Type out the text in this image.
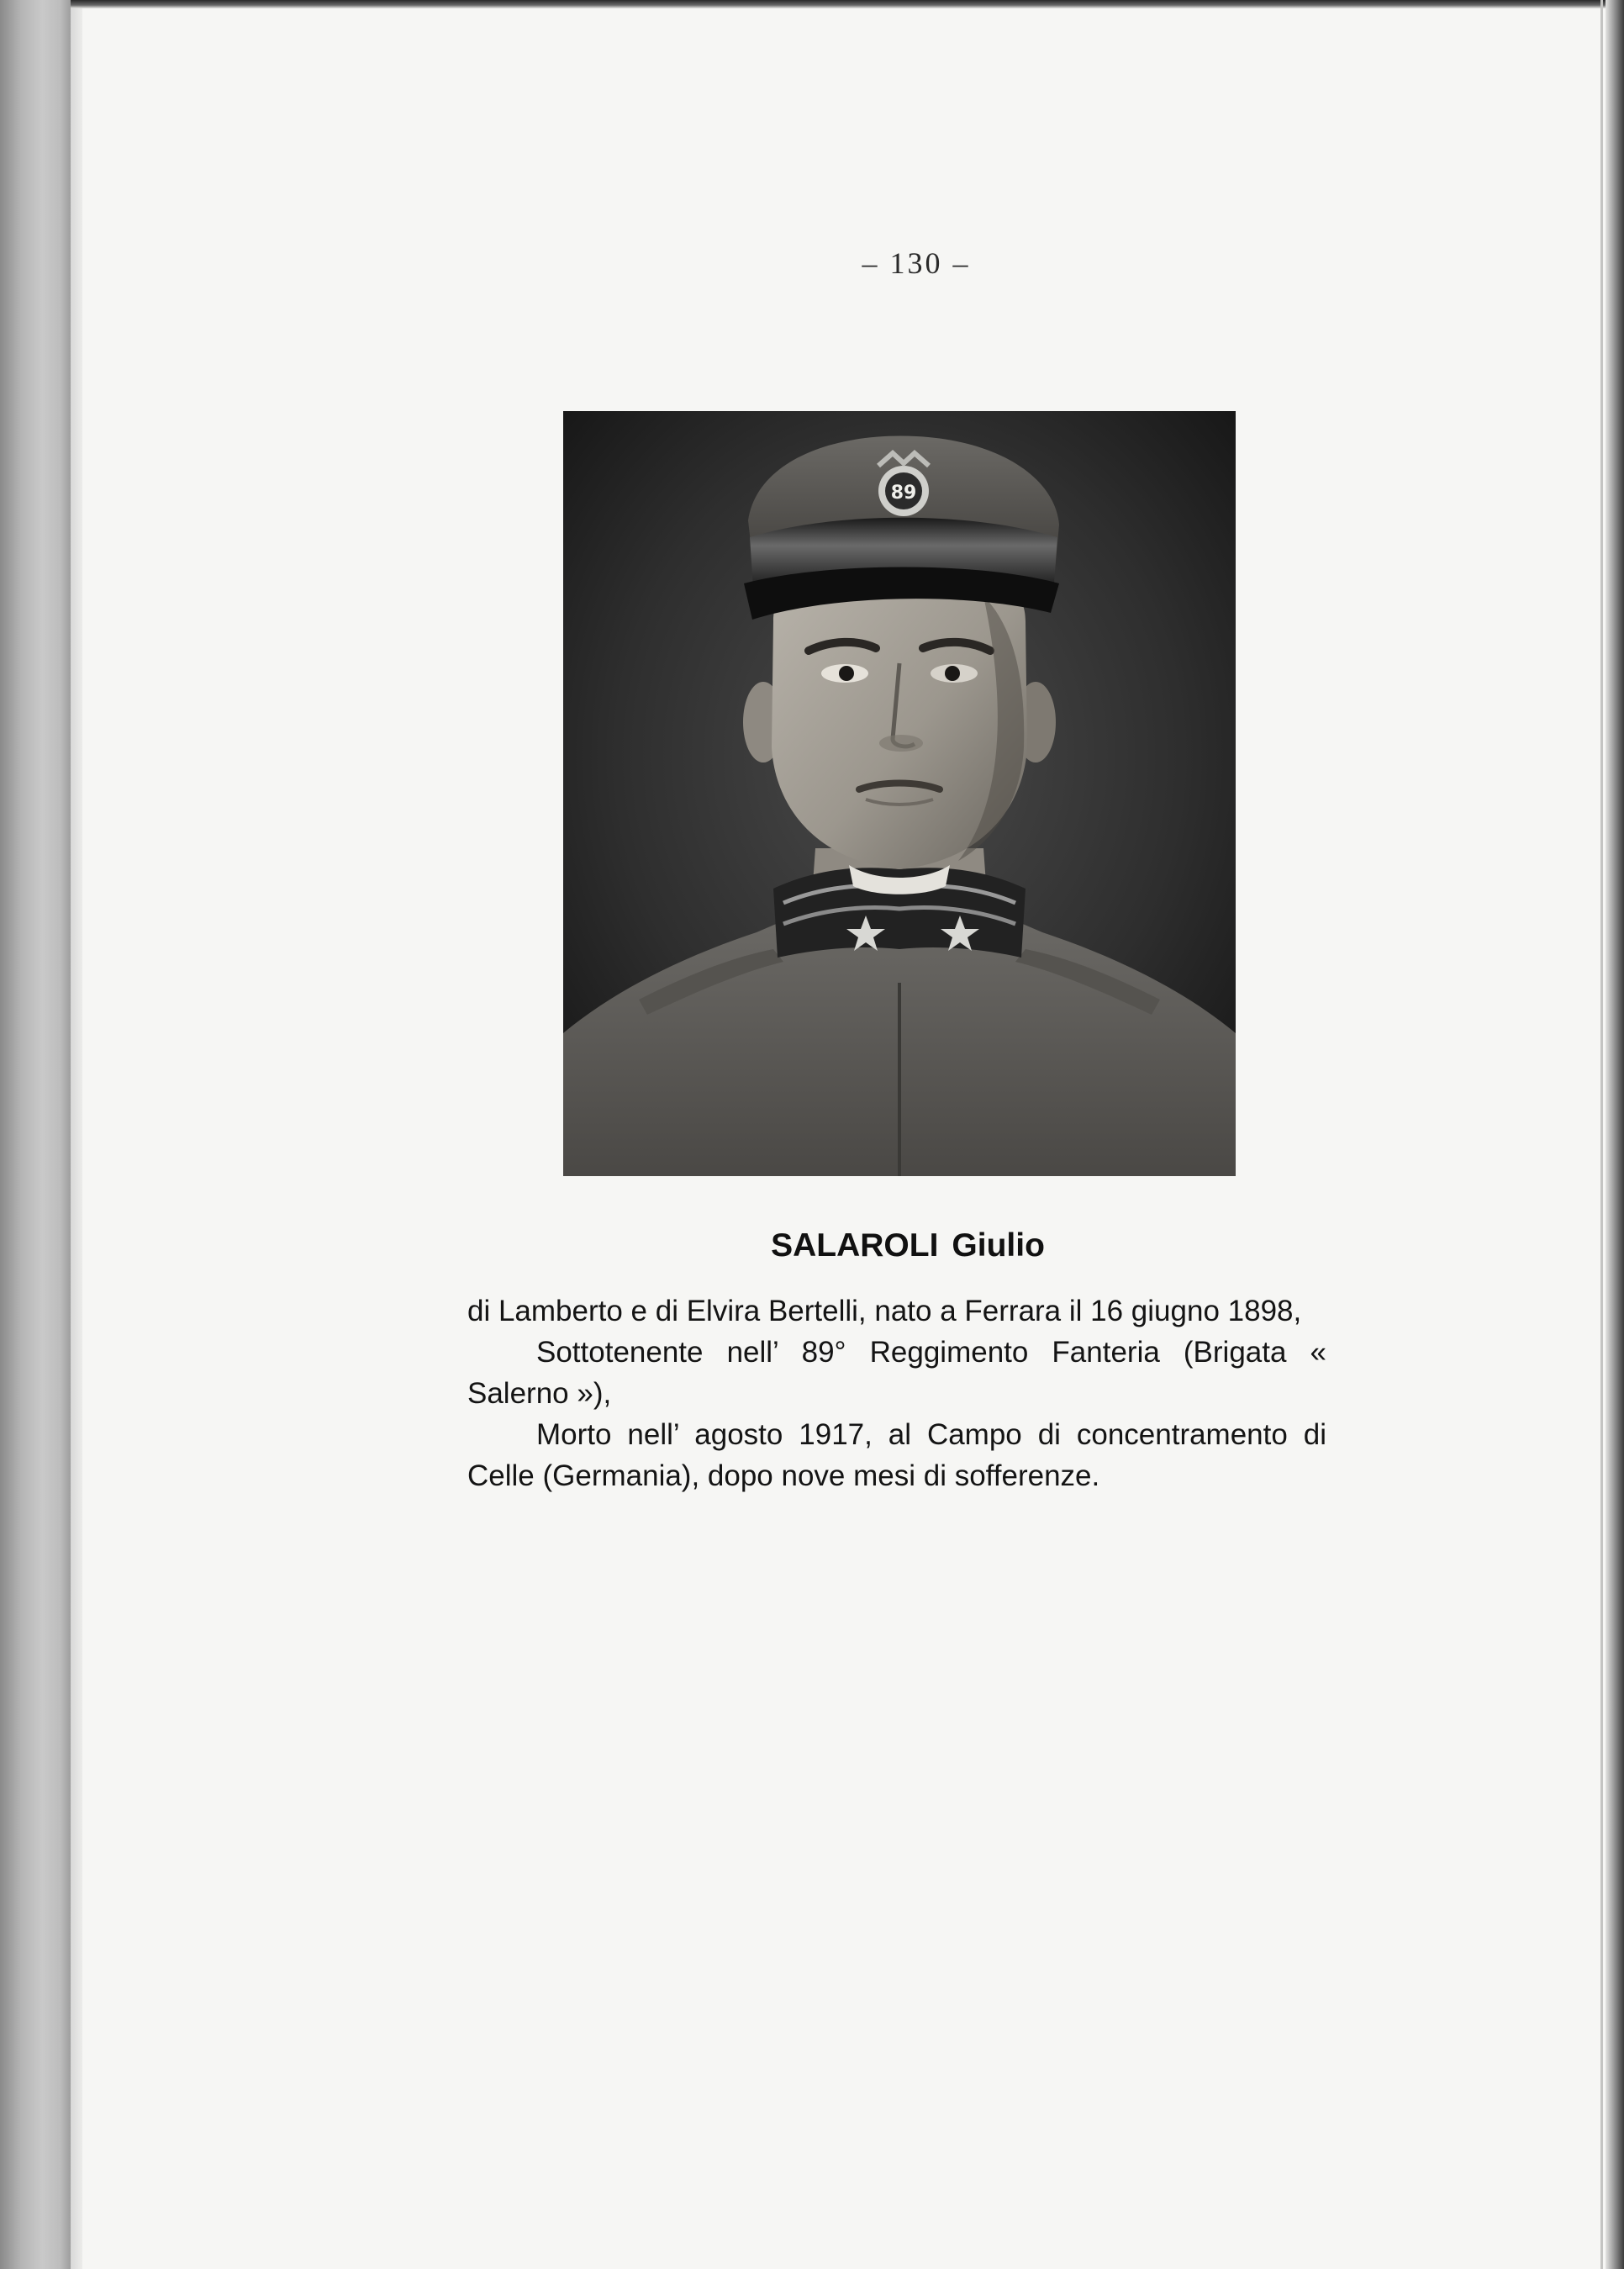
– 130 –
89
SALAROLI Giulio

di Lamberto e di Elvira Bertelli, nato a Ferrara il 16 giugno 1898,

Sottotenente nell’ 89° Reggimento Fanteria (Brigata « Salerno »),

Morto nell’ agosto 1917, al Campo di concentramento di Celle (Germania), dopo nove mesi di sofferenze.
